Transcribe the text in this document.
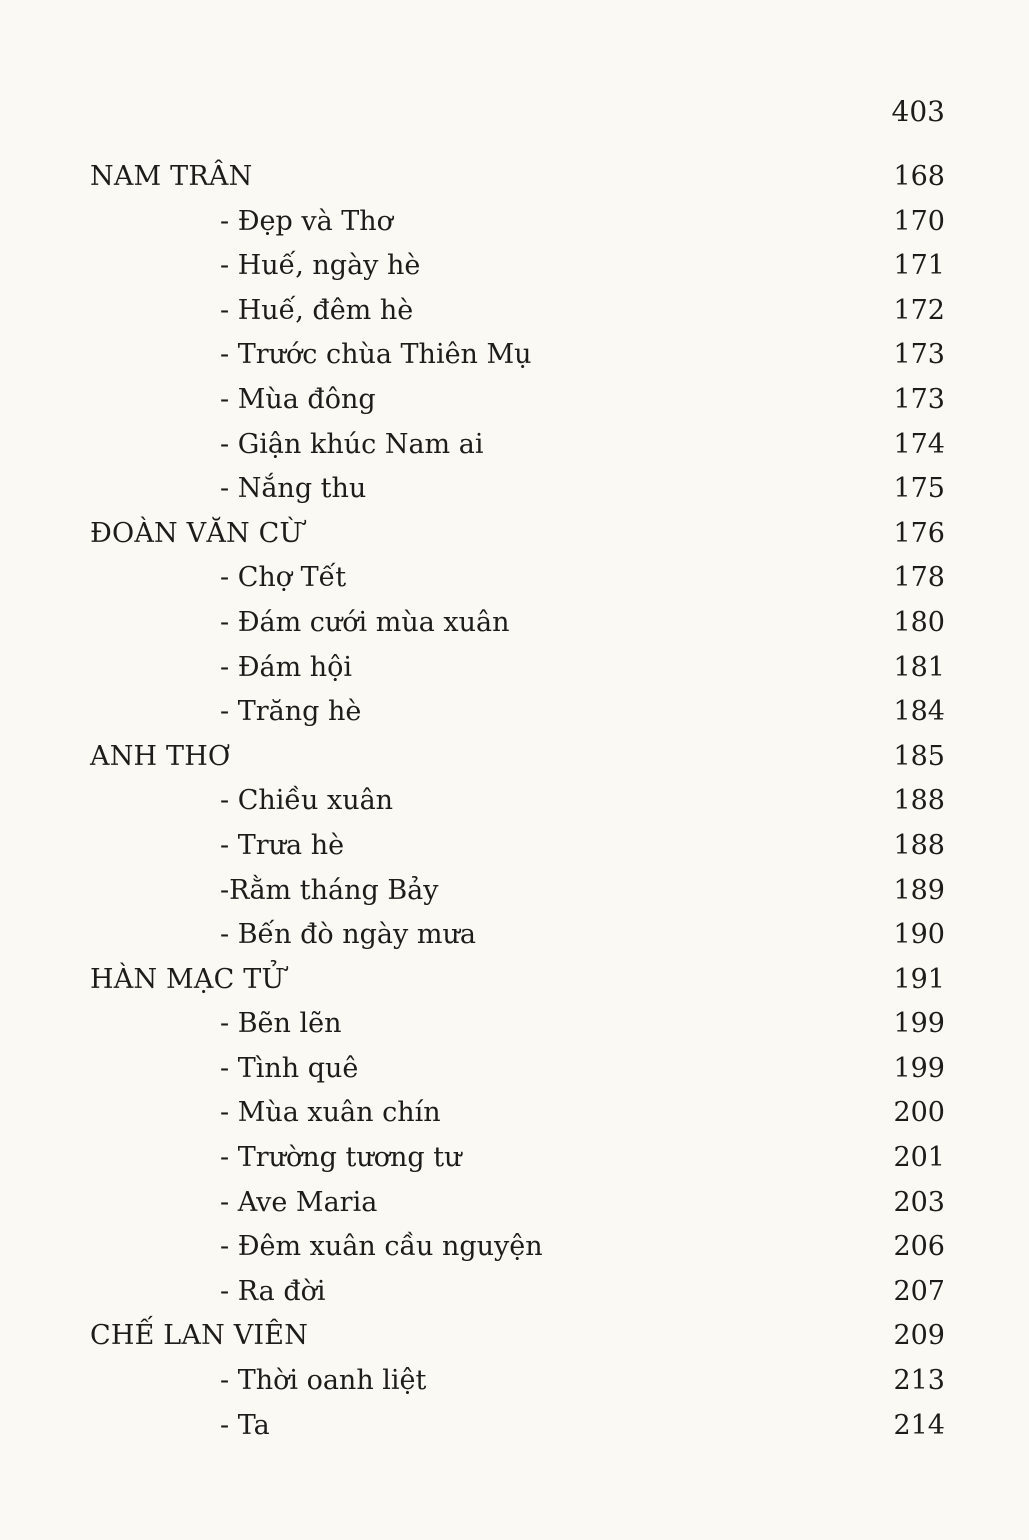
403
NAM TRÂN	168
- Đẹp và Thơ	170
- Huế, ngày hè	171
- Huế, đêm hè	172
- Trước chùa Thiên Mụ	173
- Mùa đông	173
- Giận khúc Nam ai	174
- Nắng thu	175
ĐOÀN VĂN CỪ	176
- Chợ Tết	178
- Đám cưới mùa xuân	180
- Đám hội	181
- Trăng hè	184
ANH THƠ	185
- Chiều xuân	188
- Trưa hè	188
-Rằm tháng Bảy	189
- Bến đò ngày mưa	190
HÀN MẠC TỬ	191
- Bẽn lẽn	199
- Tình quê	199
- Mùa xuân chín	200
- Trường tương tư	201
- Ave Maria	203
- Đêm xuân cầu nguyện	206
- Ra đời	207
CHẾ LAN VIÊN	209
- Thời oanh liệt	213
- Ta	214
